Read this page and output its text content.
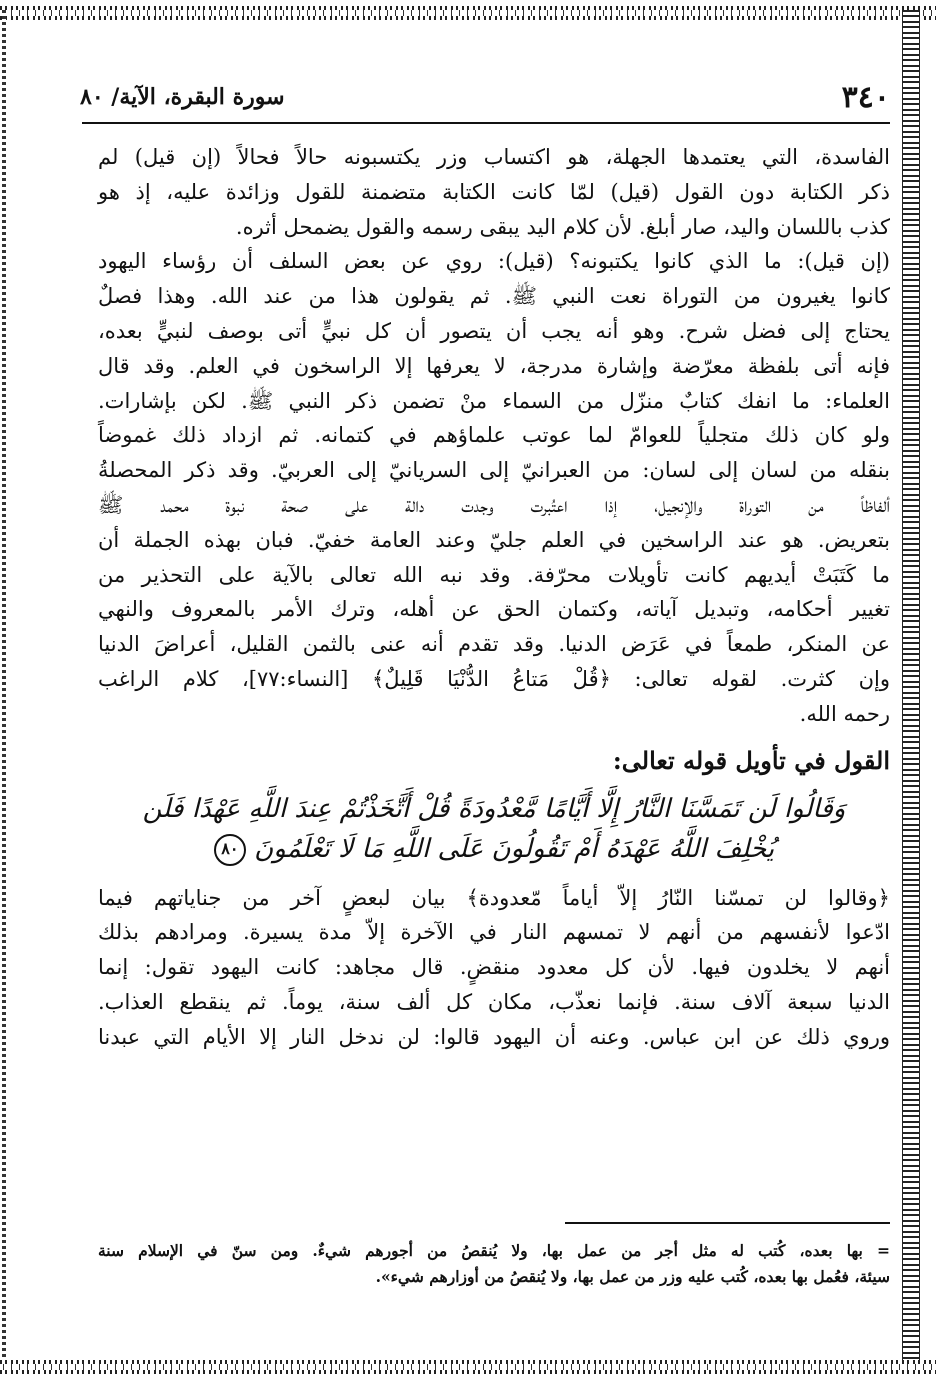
٣٤٠
سورة البقرة، الآية/ ٨٠

الفاسدة، التي يعتمدها الجهلة، هو اكتساب وزر يكتسبونه حالاً فحالاً (إن قيل) لم

ذكر الكتابة دون القول (قيل) لمّا كانت الكتابة متضمنة للقول وزائدة عليه، إذ هو

كذب باللسان واليد، صار أبلغ. لأن كلام اليد يبقى رسمه والقول يضمحل أثره.

(إن قيل): ما الذي كانوا يكتبونه؟ (قيل): روي عن بعض السلف أن رؤساء اليهود

كانوا يغيرون من التوراة نعت النبي ﷺ. ثم يقولون هذا من عند الله. وهذا فصلٌ

يحتاج إلى فضل شرح. وهو أنه يجب أن يتصور أن كل نبيٍّ أتى بوصف لنبيٍّ بعده،

فإنه أتى بلفظة معرّضة وإشارة مدرجة، لا يعرفها إلا الراسخون في العلم. وقد قال

العلماء: ما انفك كتابٌ منزّل من السماء منْ تضمن ذكر النبي ﷺ. لكن بإشارات.

ولو كان ذلك متجلياً للعوامّ لما عوتب علماؤهم في كتمانه. ثم ازداد ذلك غموضاً

بنقله من لسان إلى لسان: من العبرانيّ إلى السريانيّ إلى العربيّ. وقد ذكر المحصلةُ

ألفاظاً من التوراة والإنجيل، إذا اعتُبرت وجدت دالة على صحة نبوة محمد ﷺ

بتعريض. هو عند الراسخين في العلم جليّ وعند العامة خفيّ. فبان بهذه الجملة أن

ما كَتَبَتْ أيديهم كانت تأويلات محرّفة. وقد نبه الله تعالى بالآية على التحذير من

تغيير أحكامه، وتبديل آياته، وكتمان الحق عن أهله، وترك الأمر بالمعروف والنهي

عن المنكر، طمعاً في عَرَض الدنيا. وقد تقدم أنه عنى بالثمن القليل، أعراضَ الدنيا

وإن كثرت. لقوله تعالى: ﴿قُلْ مَتاعُ الدُّنْيَا قَلِيلٌ﴾ [النساء:٧٧]، كلام الراغب

رحمه الله.

القول في تأويل قوله تعالى:
وَقَالُوا لَن تَمَسَّنَا النَّارُ إِلَّا أَيَّامًا مَّعْدُودَةً قُلْ أَتَّخَذْتُمْ عِندَ اللَّهِ عَهْدًا فَلَن
يُخْلِفَ اللَّهُ عَهْدَهُ أَمْ تَقُولُونَ عَلَى اللَّهِ مَا لَا تَعْلَمُونَ ٨٠

﴿وقالوا لن تمسّنا النّارُ إلاّ أياماً مّعدودة﴾ بيان لبعضٍ آخر من جناياتهم فيما

ادّعوا لأنفسهم من أنهم لا تمسهم النار في الآخرة إلاّ مدة يسيرة. ومرادهم بذلك

أنهم لا يخلدون فيها. لأن كل معدود منقضٍ. قال مجاهد: كانت اليهود تقول: إنما

الدنيا سبعة آلاف سنة. فإنما نعذّب، مكان كل ألف سنة، يوماً. ثم ينقطع العذاب.

وروي ذلك عن ابن عباس. وعنه أن اليهود قالوا: لن ندخل النار إلا الأيام التي عبدنا

= بها بعده، كُتب له مثل أجر من عمل بها، ولا يُنقصُ من أجورهم شيءٌ. ومن سنّ في الإسلام سنة

سيئة، فعُمل بها بعده، كُتب عليه وزر من عمل بها، ولا يُنقصُ من أوزارهم شيء».
